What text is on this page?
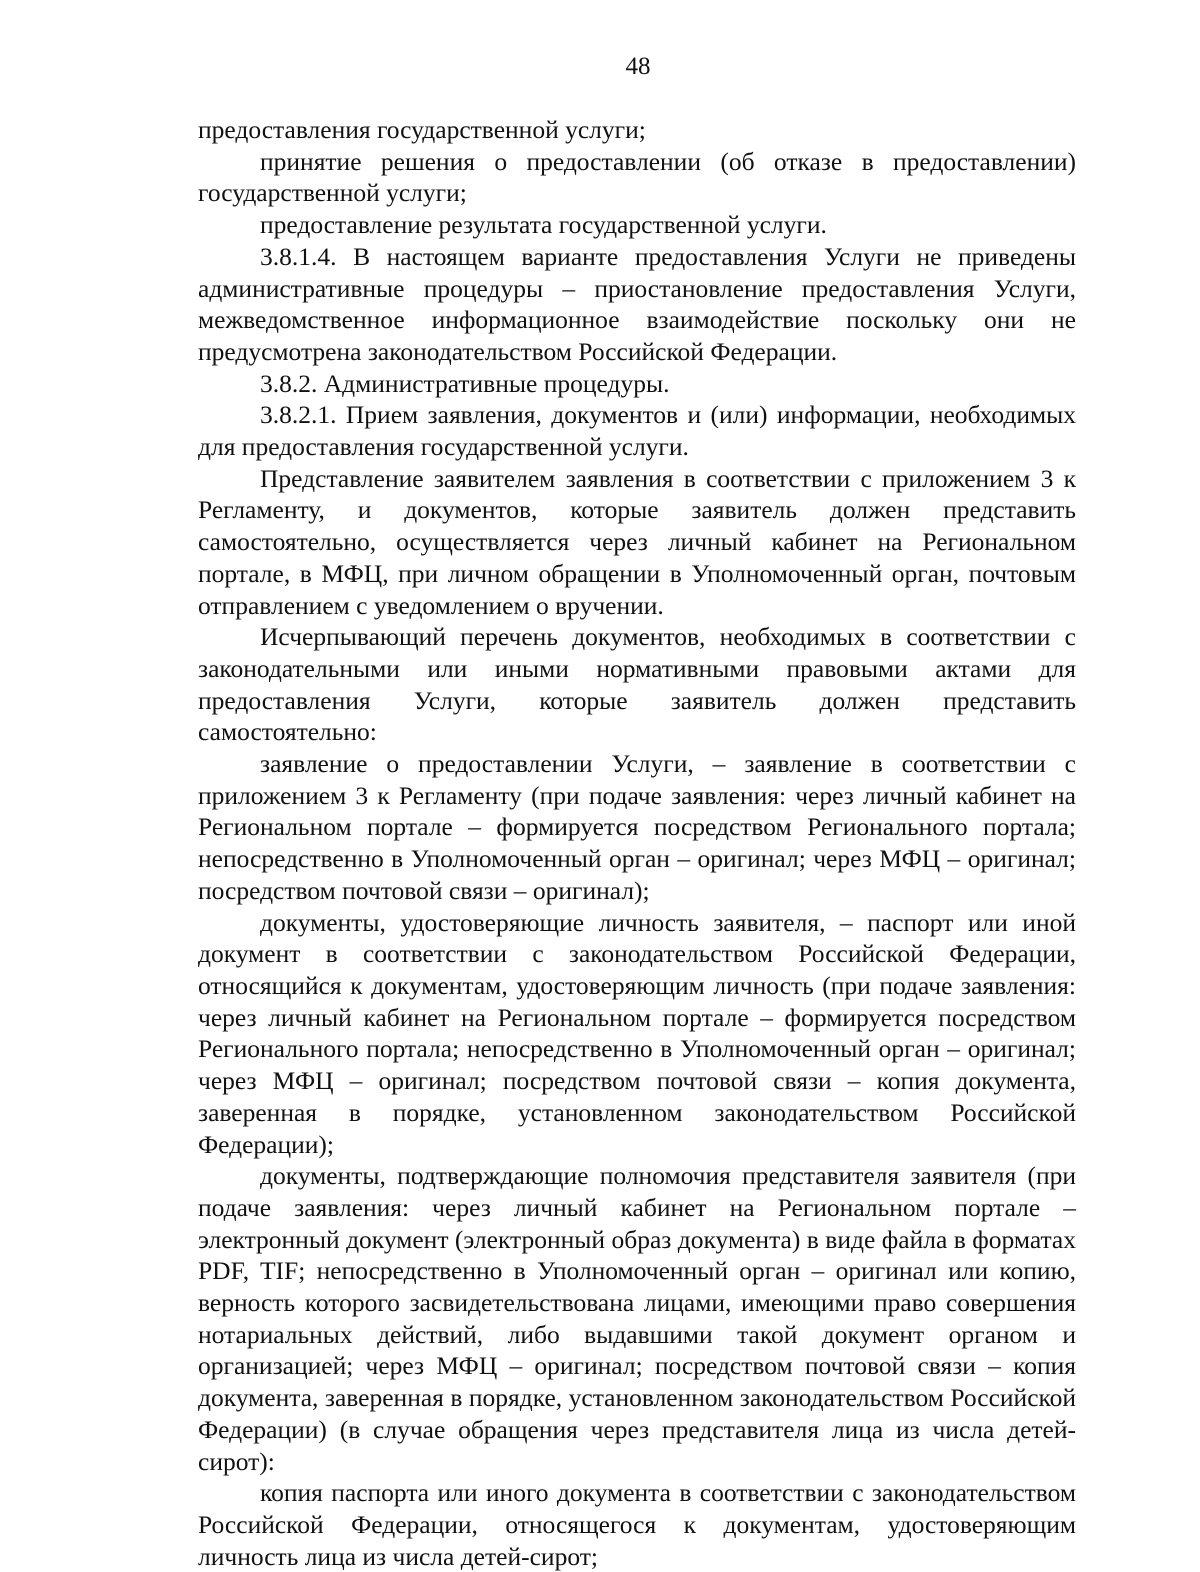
48

предоставления государственной услуги;

принятие решения о предоставлении (об отказе в предоставлении) государственной услуги;

предоставление результата государственной услуги.

3.8.1.4. В настоящем варианте предоставления Услуги не приведены административные процедуры – приостановление предоставления Услуги, межведомственное информационное взаимодействие поскольку они не предусмотрена законодательством Российской Федерации.

3.8.2. Административные процедуры.

3.8.2.1. Прием заявления, документов и (или) информации, необходимых для предоставления государственной услуги.

Представление заявителем заявления в соответствии с приложением 3 к Регламенту, и документов, которые заявитель должен представить самостоятельно, осуществляется через личный кабинет на Региональном портале, в МФЦ, при личном обращении в Уполномоченный орган, почтовым отправлением с уведомлением о вручении.

Исчерпывающий перечень документов, необходимых в соответствии с законодательными или иными нормативными правовыми актами для предоставления Услуги, которые заявитель должен представить самостоятельно:

заявление о предоставлении Услуги, – заявление в соответствии с приложением 3 к Регламенту (при подаче заявления: через личный кабинет на Региональном портале – формируется посредством Регионального портала; непосредственно в Уполномоченный орган – оригинал; через МФЦ – оригинал; посредством почтовой связи – оригинал);

документы, удостоверяющие личность заявителя, – паспорт или иной документ в соответствии с законодательством Российской Федерации, относящийся к документам, удостоверяющим личность (при подаче заявления: через личный кабинет на Региональном портале – формируется посредством Регионального портала; непосредственно в Уполномоченный орган – оригинал; через МФЦ – оригинал; посредством почтовой связи – копия документа, заверенная в порядке, установленном законодательством Российской Федерации);

документы, подтверждающие полномочия представителя заявителя (при подаче заявления: через личный кабинет на Региональном портале – электронный документ (электронный образ документа) в виде файла в форматах PDF, TIF; непосредственно в Уполномоченный орган – оригинал или копию, верность которого засвидетельствована лицами, имеющими право совершения нотариальных действий, либо выдавшими такой документ органом и организацией; через МФЦ – оригинал; посредством почтовой связи – копия документа, заверенная в порядке, установленном законодательством Российской Федерации) (в случае обращения через представителя лица из числа детей-сирот):

копия паспорта или иного документа в соответствии с законодательством Российской Федерации, относящегося к документам, удостоверяющим личность лица из числа детей-сирот;
